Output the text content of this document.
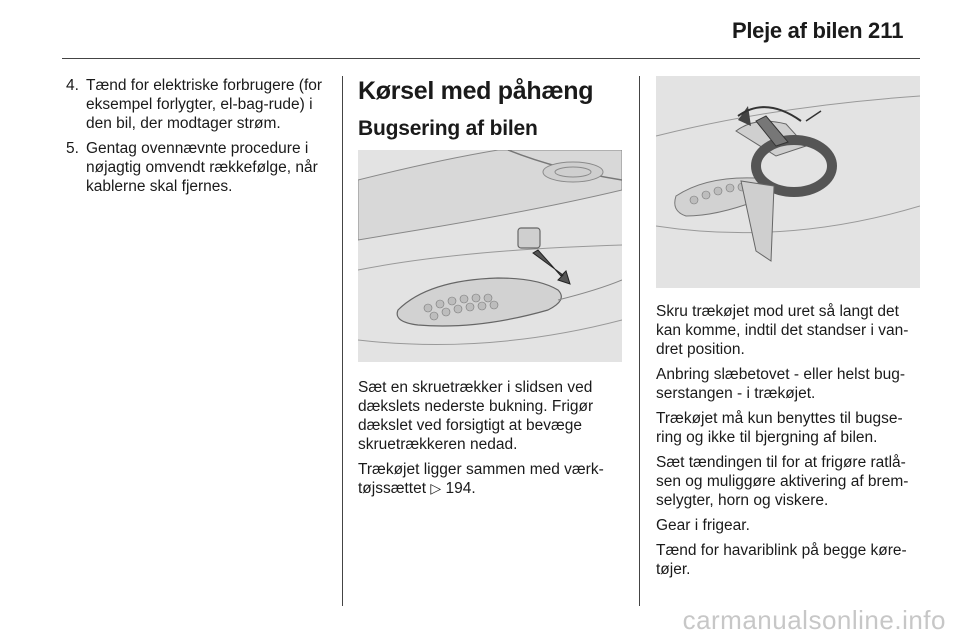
Pleje af bilen 211
4. Tænd for elektriske forbrugere (for eksempel forlygter, el-bag-rude) i den bil, der modtager strøm.
5. Gentag ovennævnte procedure i nøjagtig omvendt rækkefølge, når kablerne skal fjernes.
Kørsel med påhæng
Bugsering af bilen

Sæt en skruetrækker i slidsen ved dækslets nederste bukning. Frigør dækslet ved forsigtigt at bevæge skruetrækkeren nedad.

Trækøjet ligger sammen med værk-tøjssættet ▷ 194.

Skru trækøjet mod uret så langt det kan komme, indtil det standser i van-dret position.

Anbring slæbetovet - eller helst bug-serstangen - i trækøjet.

Trækøjet må kun benyttes til bugse-ring og ikke til bjergning af bilen.

Sæt tændingen til for at frigøre ratlå-sen og muliggøre aktivering af brem-selygter, horn og viskere.

Gear i frigear.

Tænd for havariblink på begge køre-tøjer.

carmanualsonline.info
